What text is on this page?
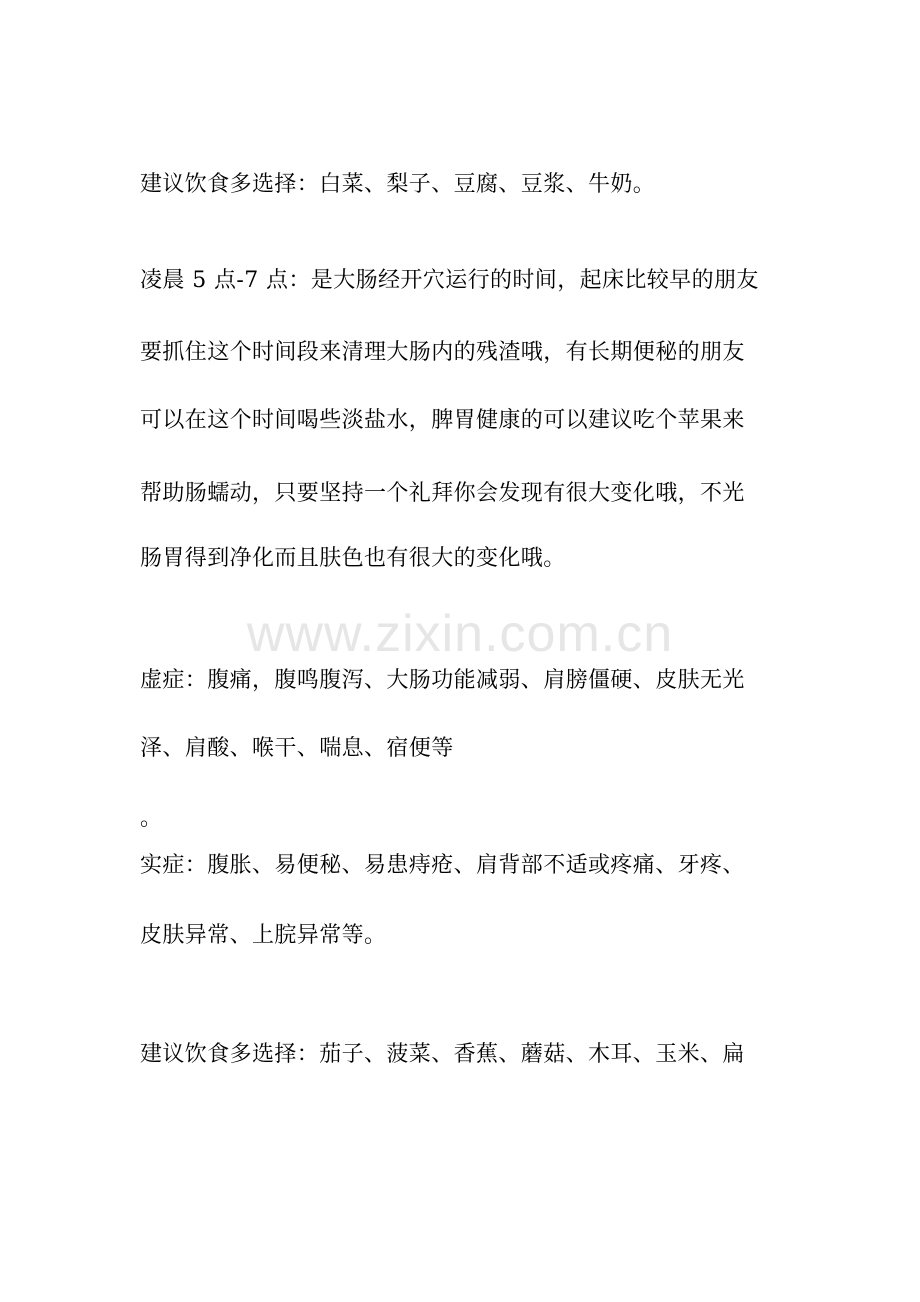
www.zixin.com.cn
建议饮食多选择：白菜、梨子、豆腐、豆浆、牛奶。
凌晨 5 点-7 点：是大肠经开穴运行的时间，起床比较早的朋友
要抓住这个时间段来清理大肠内的残渣哦，有长期便秘的朋友
可以在这个时间喝些淡盐水，脾胃健康的可以建议吃个苹果来
帮助肠蠕动，只要坚持一个礼拜你会发现有很大变化哦，不光
肠胃得到净化而且肤色也有很大的变化哦。
虚症：腹痛，腹鸣腹泻、大肠功能减弱、肩膀僵硬、皮肤无光
泽、肩酸、喉干、喘息、宿便等
。
实症：腹胀、易便秘、易患痔疮、肩背部不适或疼痛、牙疼、
皮肤异常、上脘异常等。
建议饮食多选择：茄子、菠菜、香蕉、蘑菇、木耳、玉米、扁
